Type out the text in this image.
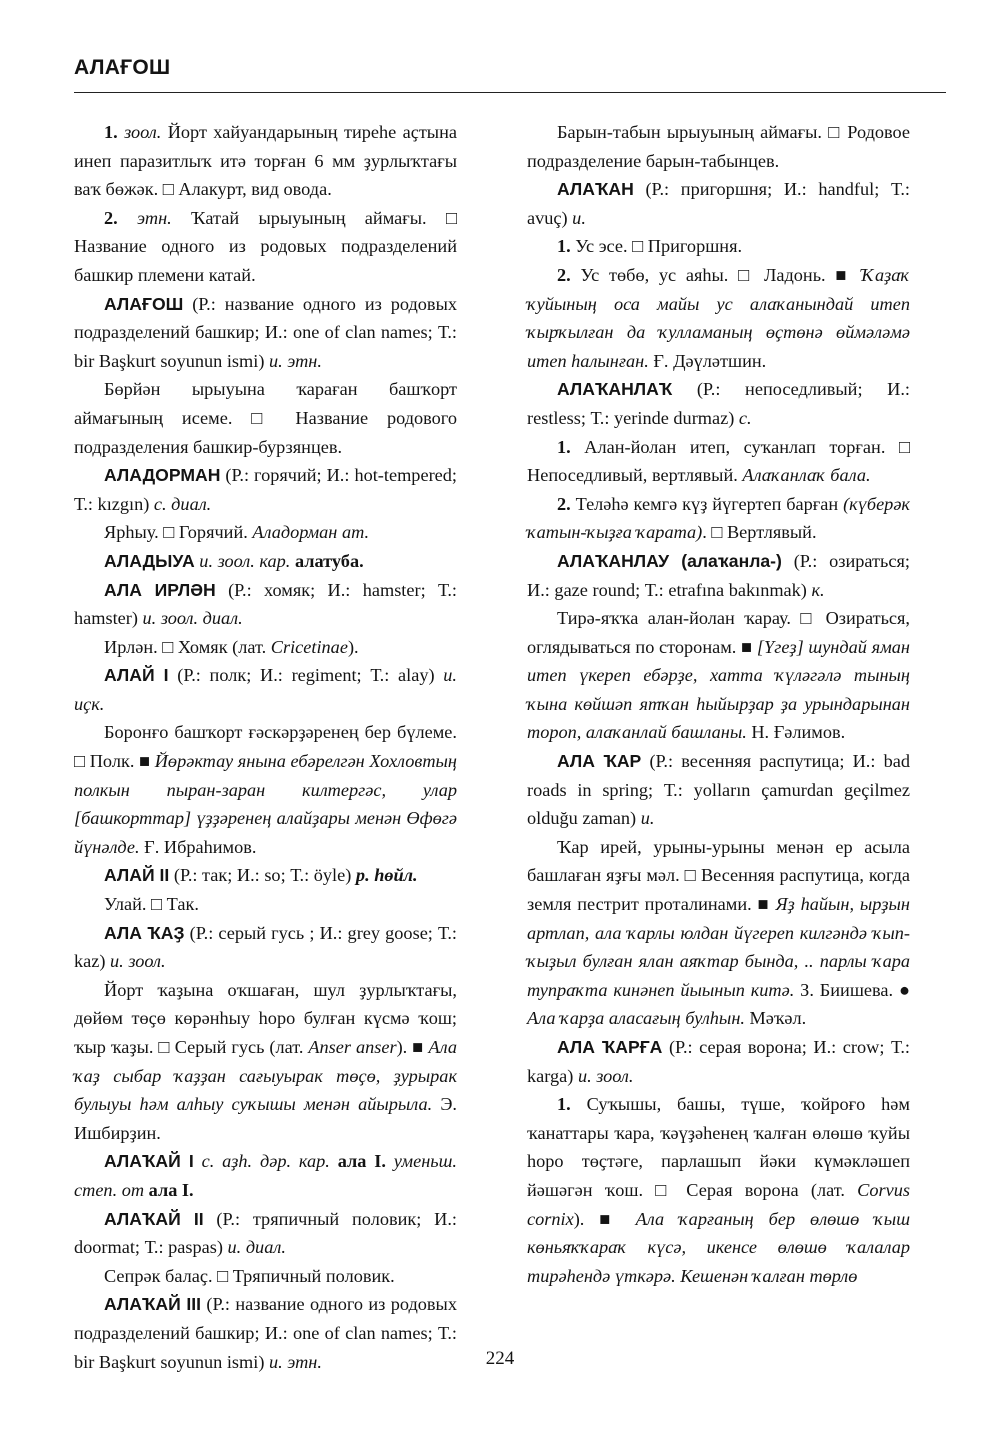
АЛАҒОШ

1. зоол. Йорт хайуандарының тиреһе аҫтына инеп паразитлыҡ итә торған 6 мм ҙурлыҡтағы ваҡ бөжәк. □ Алакурт, вид овода.

2. этн. Ҡатай ырыуының аймағы. □ Название одного из родовых подразделений башкир племени катай.

АЛАҒОШ (Р.: название одного из родовых подразделений башкир; И.: one of clan names; Т.: bir Başkurt soyunun ismi) и. этн.

Бөрйән ырыуына ҡараған башҡорт аймағының исеме. □ Название родового подразделения башкир-бурзянцев.

АЛАДОРМАН (Р.: горячий; И.: hot-tempered; Т.: kızgın) с. диал.

Ярһыу. □ Горячий. Аладорман ат.

АЛАДЫУА и. зоол. кар. алатуба.

АЛА ИРЛӘН (Р.: хомяк; И.: hamster; Т.: hamster) и. зоол. диал.

Ирлән. □ Хомяк (лат. Cricetinae).

АЛАЙ I (Р.: полк; И.: regiment; Т.: alay) и. иҫк.

Боронғо башҡорт ғәскәрҙәренең бер бүлеме. □ Полк. ■ Йөрәктау янына ебәрелгән Хохловтың полкын пыран-заран килтергәс, улар [башкорттар] үҙҙәренең алайҙары менән Өфөгә йүнәлде. Ғ. Ибраһимов.

АЛАЙ II (Р.: так; И.: so; Т.: öyle) р. һөйл.

Улай. □ Так.

АЛА ҠАҘ (Р.: серый гусь ; И.: grey goose; Т.: kaz) и. зоол.

Йорт ҡаҙына оҡшаған, шул ҙурлыҡтағы, дөйөм төҫө көрәнһыу һоро булған күсмә ҡош; ҡыр ҡаҙы. □ Серый гусь (лат. Anser anser). ■ Ала ҡаҙ сыбар ҡаҙҙан сағыуырак төҫө, ҙурырак булыуы һәм алһыу суҡышы менән айырыла. Э. Ишбирҙин.

АЛАҠАЙ I с. аҙһ. дәр. кар. ала I. уменьш. степ. от ала I.

АЛАҠАЙ II (Р.: тряпичный половик; И.: doormat; Т.: paspas) и. диал.

Сепрәк балаҫ. □ Тряпичный половик.

АЛАҠАЙ III (Р.: название одного из родовых подразделений башкир; И.: one of clan names; Т.: bir Başkurt soyunun ismi) и. этн.

Барын-табын ырыуының аймағы. □ Родовое подразделение барын-табынцев.

АЛАҠАН (Р.: пригоршня; И.: handful; Т.: avuç) и.

1. Ус эсе. □ Пригоршня.

2. Ус төбө, ус аяһы. □ Ладонь. ■ Ҡаҙаҡ ҡуйының оса майы ус алаҡанындай итеп ҡырҡылған да ҡулламаның өҫтөнә өймәләмә итеп һалынған. Ғ. Дәүләтшин.

АЛАҠАНЛАҠ (Р.: непоседливый; И.: restless; Т.: yerinde durmaz) с.

1. Алан-йолан итеп, суҡанлап торған. □ Непоседливый, вертлявый. Алаҡанлаҡ бала.

2. Теләһә кемгә күҙ йүгертеп барған (күберәк ҡатын-ҡыҙға ҡарата). □ Вертлявый.

АЛАҠАНЛАУ (алаҡанла-) (Р.: озираться; И.: gaze round; Т.: etrafına bakınmak) к.

Тирә-яҡҡа алан-йолан ҡарау. □ Озираться, оглядываться по сторонам. ■ [Үгеҙ] шундай яман итеп үкереп ебәрҙе, хатта ҡүләгәлә тының ҡына көйшәп ятҡан һыйырҙар ҙа урындарынан тороп, алаҡанлай башланы. Н. Ғәлимов.

АЛА ҠАР (Р.: весенняя распутица; И.: bad roads in spring; Т.: yolların çamurdan geçilmez olduğu zaman) и.

Ҡар ирей, урыны-урыны менән ер асыла башлаған яҙғы мәл. □ Весенняя распутица, когда земля пестрит проталинами. ■ Яҙ һайын, ырҙын артлап, ала ҡарлы юлдан йүгереп килгәндә ҡып-ҡыҙыл булған ялан аяҡтар бында, .. парлы ҡара тупраҡта кинәнеп йыынып китә. З. Биишева. ● Ала ҡарҙа аласағың булһын. Мәҡәл.

АЛА ҠАРҒА (Р.: серая ворона; И.: crow; Т.: karga) и. зоол.

1. Суҡышы, башы, түше, ҡойроғо һәм ҡанаттары ҡара, ҡәүҙәһенең ҡалған өлөшө ҡуйы һоро төҫтәге, парлашып йәки күмәкләшеп йәшәгән ҡош. □ Серая ворона (лат. Corvus cornix). ■ Ала ҡарғаның бер өлөшө ҡыш көньяҡҡараҡ күсә, икенсе өлөшө ҡалалар тирәһендә үткәрә. Кешенән ҡалған төрлө

224
